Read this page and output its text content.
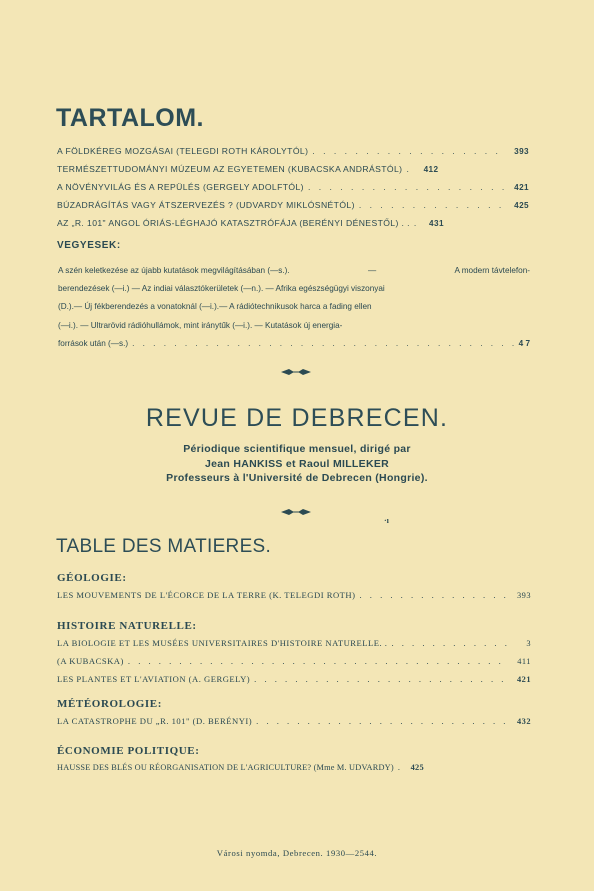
TARTALOM.
A FÖLDKÉREG MOZGÁSAI (TELEGDI ROTH KÁROLYTÓL) . . .	393
TERMÉSZETTUDOMÁNYI MÚZEUM AZ EGYETEMEN (KUBACSKA ANDRÁSTÓL) . . .	412
A NÖVÉNYVILÁG ÉS A REPÜLÉS (GERGELY ADOLFTÓL) . . .	421
BÚZADRÁGÍTÁS VAGY ÁTSZERVEZÉS ? (UDVARDY MIKLÓSNÉTÓL) . . .	425
AZ „R. 101" ANGOL ÓRIÁS-LÉGHAJÓ KATASZTRÓFÁJA (BERÉNYI DÉNESTŐL) . . . . .	431
VEGYESEK:
A szén keletkezése az újabb kutatások megvilágításában (—s.).	—	A modern távtelefon-
berendezések (—i.) — Az indiai választókerületek (—n.). — Afrika egészségügyi viszonyai
(D.).— Új fékberendezés a vonatoknál (—i.).— A rádiótechnikusok harca a fading ellen
(—i.). — Ultrarövid rádióhullámok, mint iránytűk (—i.). — Kutatások új energia-
források után (—s.) . . .	4 7
REVUE DE DEBRECEN.
Périodique scientifique mensuel, dirigé par
Jean HANKISS et Raoul MILLEKER
Professeurs à l'Université de Debrecen (Hongrie).
·ı
TABLE DES MATIERES.
GÉOLOGIE:
LES MOUVEMENTS DE L'ÉCORCE DE LA TERRE (K. TELEGDI ROTH) . . .	393
HISTOIRE NATURELLE:
LA BIOLOGIE ET LES MUSÉES UNIVERSITAIRES D'HISTOIRE NATURELLE. . . . .	3
(A KUBACSKA) . . .	411
LES PLANTES ET L'AVIATION (A. GERGELY) . . .	421
MÉTÉOROLOGIE:
LA CATASTROPHE DU „R. 101" (D. BERÉNYI) . . .	432
ÉCONOMIE POLITIQUE:
HAUSSE DES BLÉS OU RÉORGANISATION DE L'AGRICULTURE? (Mme M. UDVARDY) . . .	425
Városi nyomda, Debrecen. 1930—2544.
